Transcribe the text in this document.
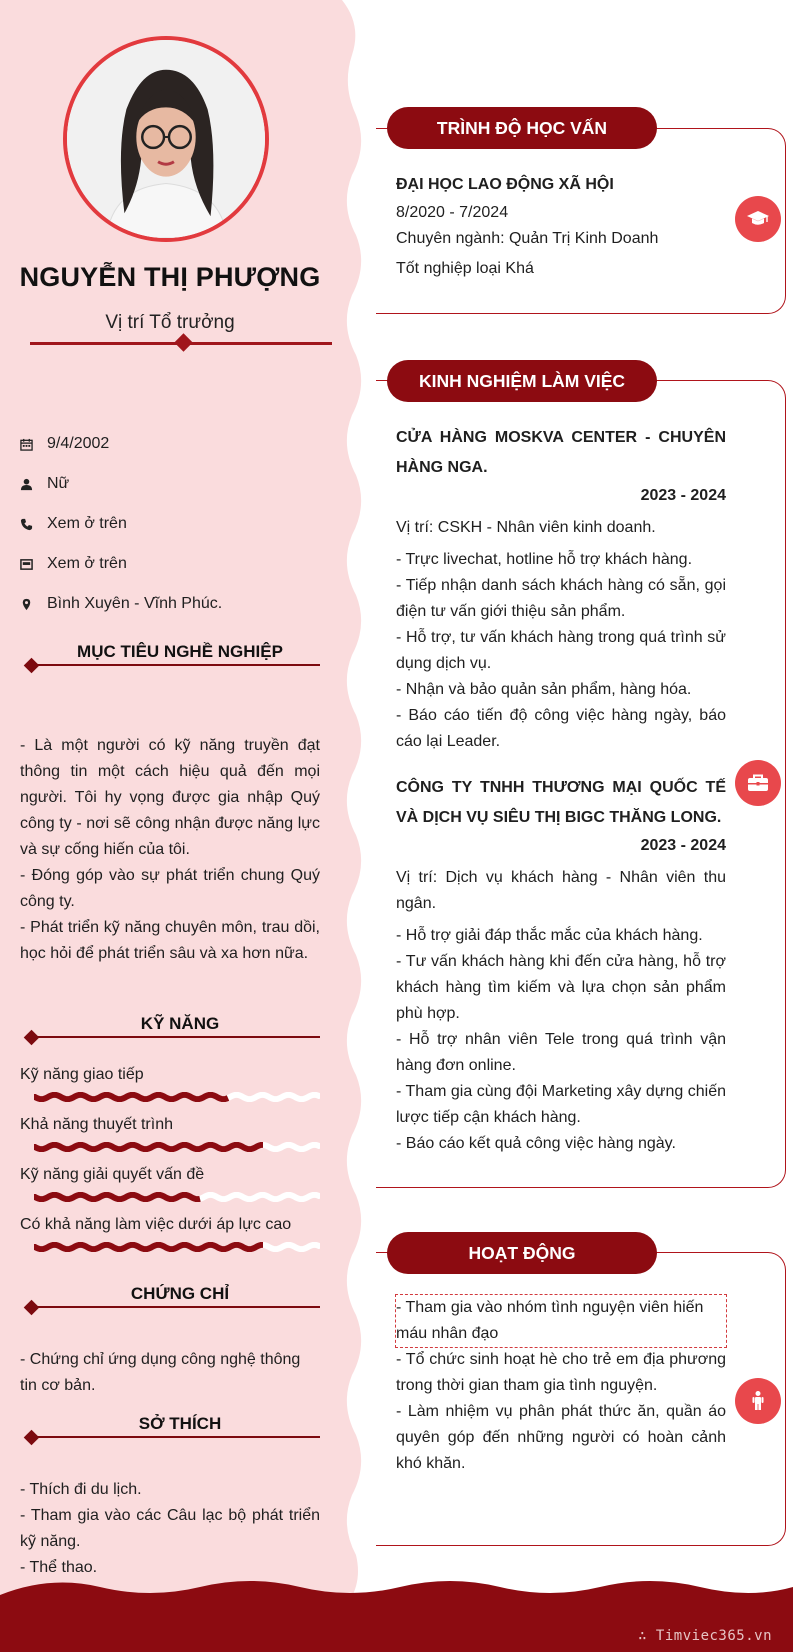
∴ Timviec365.vn
NGUYỄN THỊ PHƯỢNG
Vị trí Tổ trưởng
9/4/2002
Nữ
Xem ở trên
Xem ở trên
Bình Xuyên - Vĩnh Phúc.
MỤC TIÊU NGHỀ NGHIỆP

- Là một người có kỹ năng truyền đạt thông tin một cách hiệu quả đến mọi người. Tôi hy vọng được gia nhập Quý công ty - nơi sẽ công nhận được năng lực và sự cống hiến của tôi.

- Đóng góp vào sự phát triển chung Quý công ty.

- Phát triển kỹ năng chuyên môn, trau dồi, học hỏi để phát triển sâu và xa hơn nữa.

KỸ NĂNG
Kỹ năng giao tiếp
Khả năng thuyết trình
Kỹ năng giải quyết vấn đề
Có khả năng làm việc dưới áp lực cao
CHỨNG CHỈ

- Chứng chỉ ứng dụng công nghệ thông tin cơ bản.

SỞ THÍCH

- Thích đi du lịch.

- Tham gia vào các Câu lạc bộ phát triển kỹ năng.

- Thể thao.

TRÌNH ĐỘ HỌC VẤN

ĐẠI HỌC LAO ĐỘNG XÃ HỘI

8/2020 - 7/2024

Chuyên ngành: Quản Trị Kinh Doanh

Tốt nghiệp loại Khá

KINH NGHIỆM LÀM VIỆC

CỬA HÀNG MOSKVA CENTER - CHUYÊN HÀNG NGA.

2023 - 2024

Vị trí: CSKH - Nhân viên kinh doanh.

- Trực livechat, hotline hỗ trợ khách hàng.

- Tiếp nhận danh sách khách hàng có sẵn, gọi điện tư vấn giới thiệu sản phẩm.

- Hỗ trợ, tư vấn khách hàng trong quá trình sử dụng dịch vụ.

- Nhận và bảo quản sản phẩm, hàng hóa.

- Báo cáo tiến độ công việc hàng ngày, báo cáo lại Leader.

CÔNG TY TNHH THƯƠNG MẠI QUỐC TẾ VÀ DỊCH VỤ SIÊU THỊ BIGC THĂNG LONG.

2023 - 2024

Vị trí: Dịch vụ khách hàng - Nhân viên thu ngân.

- Hỗ trợ giải đáp thắc mắc của khách hàng.

- Tư vấn khách hàng khi đến cửa hàng, hỗ trợ khách hàng tìm kiếm và lựa chọn sản phẩm phù hợp.

- Hỗ trợ nhân viên Tele trong quá trình vận hàng đơn online.

- Tham gia cùng đội Marketing xây dựng chiến lược tiếp cận khách hàng.

- Báo cáo kết quả công việc hàng ngày.

HOẠT ĐỘNG

- Tham gia vào nhóm tình nguyện viên hiến máu nhân đạo

- Tổ chức sinh hoạt hè cho trẻ em địa phương trong thời gian tham gia tình nguyện.

- Làm nhiệm vụ phân phát thức ăn, quần áo quyên góp đến những người có hoàn cảnh khó khăn.
